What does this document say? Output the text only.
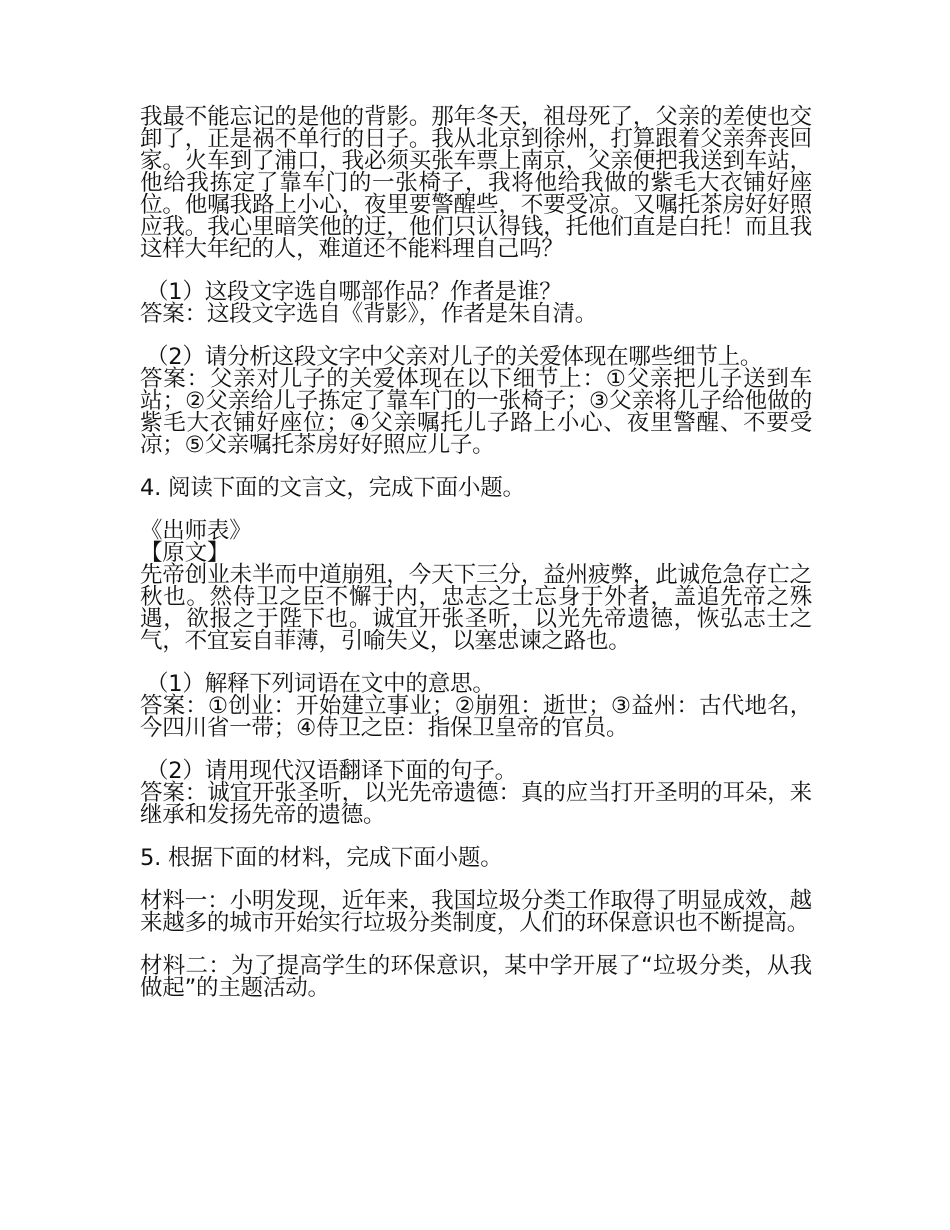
我最不能忘记的是他的背影。那年冬天，祖母死了，父亲的差使也交卸了，正是祸不单行的日子。我从北京到徐州，打算跟着父亲奔丧回家。火车到了浦口，我必须买张车票上南京，父亲便把我送到车站，他给我拣定了靠车门的一张椅子，我将他给我做的紫毛大衣铺好座位。他嘱我路上小心，夜里要警醒些，不要受凉。又嘱托茶房好好照应我。我心里暗笑他的迂，他们只认得钱，托他们直是白托！而且我这样大年纪的人，难道还不能料理自己吗？

（1）这段文字选自哪部作品？作者是谁？

答案：这段文字选自《背影》，作者是朱自清。

（2）请分析这段文字中父亲对儿子的关爱体现在哪些细节上。

答案：父亲对儿子的关爱体现在以下细节上：①父亲把儿子送到车站；②父亲给儿子拣定了靠车门的一张椅子；③父亲将儿子给他做的紫毛大衣铺好座位；④父亲嘱托儿子路上小心、夜里警醒、不要受凉；⑤父亲嘱托茶房好好照应儿子。

4. 阅读下面的文言文，完成下面小题。

《出师表》

【原文】

先帝创业未半而中道崩殂，今天下三分，益州疲弊，此诚危急存亡之秋也。然侍卫之臣不懈于内，忠志之士忘身于外者，盖追先帝之殊遇，欲报之于陛下也。诚宜开张圣听，以光先帝遗德，恢弘志士之气，不宜妄自菲薄，引喻失义，以塞忠谏之路也。

（1）解释下列词语在文中的意思。

答案：①创业：开始建立事业；②崩殂：逝世；③益州：古代地名，今四川省一带；④侍卫之臣：指保卫皇帝的官员。

（2）请用现代汉语翻译下面的句子。

答案：诚宜开张圣听，以光先帝遗德：真的应当打开圣明的耳朵，来继承和发扬先帝的遗德。

5. 根据下面的材料，完成下面小题。

材料一：小明发现，近年来，我国垃圾分类工作取得了明显成效，越来越多的城市开始实行垃圾分类制度，人们的环保意识也不断提高。

材料二：为了提高学生的环保意识，某中学开展了“垃圾分类，从我做起”的主题活动。
